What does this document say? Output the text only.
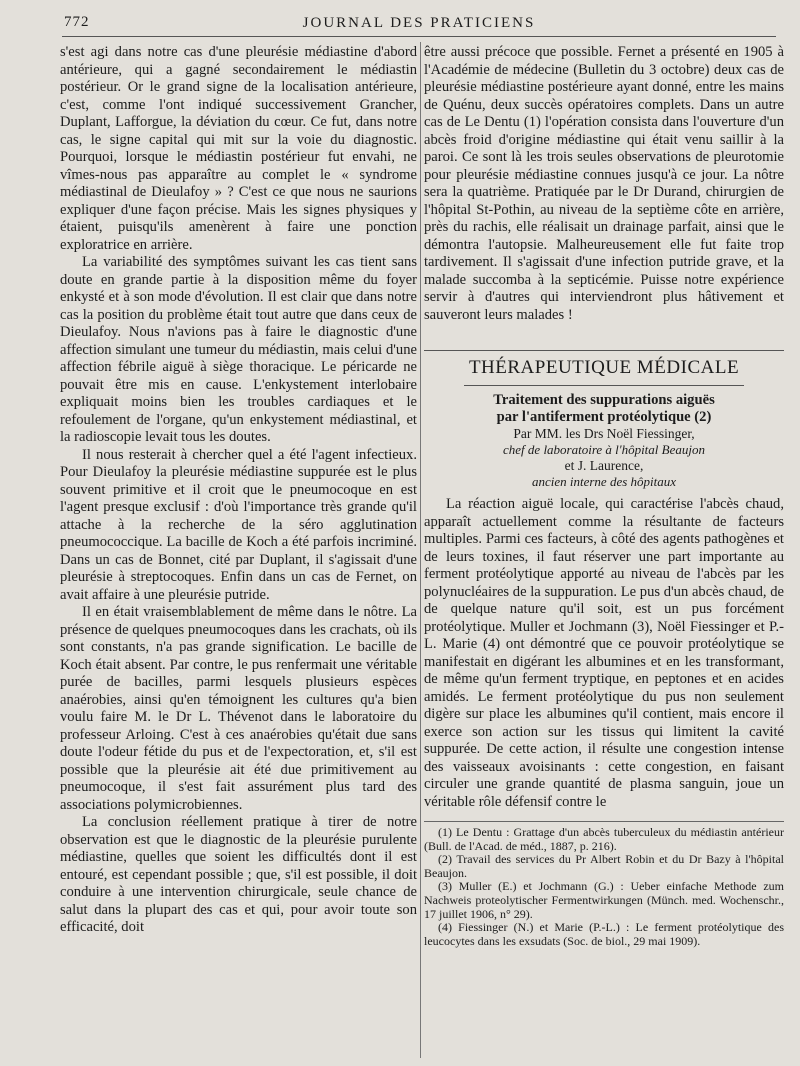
772	JOURNAL DES PRATICIENS

s'est agi dans notre cas d'une pleurésie médiastine d'abord antérieure, qui a gagné secondairement le médiastin postérieur. Or le grand signe de la localisation antérieure, c'est, comme l'ont indiqué successivement Grancher, Duplant, Lafforgue, la déviation du cœur. Ce fut, dans notre cas, le signe capital qui mit sur la voie du diagnostic. Pourquoi, lorsque le médiastin postérieur fut envahi, ne vîmes-nous pas apparaître au complet le « syndrome médiastinal de Dieulafoy » ? C'est ce que nous ne saurions expliquer d'une façon précise. Mais les signes physiques y étaient, puisqu'ils amenèrent à faire une ponction exploratrice en arrière.

La variabilité des symptômes suivant les cas tient sans doute en grande partie à la disposition même du foyer enkysté et à son mode d'évolution. Il est clair que dans notre cas la position du problème était tout autre que dans ceux de Dieulafoy. Nous n'avions pas à faire le diagnostic d'une affection simulant une tumeur du médiastin, mais celui d'une affection fébrile aiguë à siège thoracique. Le péricarde ne pouvait être mis en cause. L'enkystement interlobaire expliquait moins bien les troubles cardiaques et le refoulement de l'organe, qu'un enkystement médiastinal, et la radioscopie levait tous les doutes.

Il nous resterait à chercher quel a été l'agent infectieux. Pour Dieulafoy la pleurésie médiastine suppurée est le plus souvent primitive et il croit que le pneumocoque en est l'agent presque exclusif : d'où l'importance très grande qu'il attache à la recherche de la séro agglutination pneumococcique. La bacille de Koch a été parfois incriminé. Dans un cas de Bonnet, cité par Duplant, il s'agissait d'une pleurésie à streptocoques. Enfin dans un cas de Fernet, on avait affaire à une pleurésie putride.

Il en était vraisemblablement de même dans le nôtre. La présence de quelques pneumocoques dans les crachats, où ils sont constants, n'a pas grande signification. Le bacille de Koch était absent. Par contre, le pus renfermait une véritable purée de bacilles, parmi lesquels plusieurs espèces anaérobies, ainsi qu'en témoignent les cultures qu'a bien voulu faire M. le Dr L. Thévenot dans le laboratoire du professeur Arloing. C'est à ces anaérobies qu'était due sans doute l'odeur fétide du pus et de l'expectoration, et, s'il est possible que la pleurésie ait été due primitivement au pneumocoque, il s'est fait assurément plus tard des associations polymicrobiennes.

La conclusion réellement pratique à tirer de notre observation est que le diagnostic de la pleurésie purulente médiastine, quelles que soient les difficultés dont il est entouré, est cependant possible ; que, s'il est possible, il doit conduire à une intervention chirurgicale, seule chance de salut dans la plupart des cas et qui, pour avoir toute son efficacité, doit

être aussi précoce que possible. Fernet a présenté en 1905 à l'Académie de médecine (Bulletin du 3 octobre) deux cas de pleurésie médiastine postérieure ayant donné, entre les mains de Quénu, deux succès opératoires complets. Dans un autre cas de Le Dentu (1) l'opération consista dans l'ouverture d'un abcès froid d'origine médiastine qui était venu saillir à la paroi. Ce sont là les trois seules observations de pleurotomie pour pleurésie médiastine connues jusqu'à ce jour. La nôtre sera la quatrième. Pratiquée par le Dr Durand, chirurgien de l'hôpital St-Pothin, au niveau de la septième côte en arrière, près du rachis, elle réalisait un drainage parfait, ainsi que le démontra l'autopsie. Malheureusement elle fut faite trop tardivement. Il s'agissait d'une infection putride grave, et la malade succomba à la septicémie. Puisse notre expérience servir à d'autres qui interviendront plus hâtivement et sauveront leurs malades !

THÉRAPEUTIQUE MÉDICALE

Traitement des suppurations aiguës

par l'antiferment protéolytique (2)

Par MM. les Drs Noël Fiessinger,

chef de laboratoire à l'hôpital Beaujon

et J. Laurence,

ancien interne des hôpitaux

La réaction aiguë locale, qui caractérise l'abcès chaud, apparaît actuellement comme la résultante de facteurs multiples. Parmi ces facteurs, à côté des agents pathogènes et de leurs toxines, il faut réserver une part importante au ferment protéolytique apporté au niveau de l'abcès par les polynucléaires de la suppuration. Le pus d'un abcès chaud, de de quelque nature qu'il soit, est un pus forcément protéolytique. Muller et Jochmann (3), Noël Fiessinger et P.-L. Marie (4) ont démontré que ce pouvoir protéolytique se manifestait en digérant les albumines et en les transformant, de même qu'un ferment tryptique, en peptones et en acides amidés. Le ferment protéolytique du pus non seulement digère sur place les albumines qu'il contient, mais encore il exerce son action sur les tissus qui limitent la cavité suppurée. De cette action, il résulte une congestion intense des vaisseaux avoisinants : cette congestion, en faisant circuler une grande quantité de plasma sanguin, joue un véritable rôle défensif contre le

(1) Le Dentu : Grattage d'un abcès tuberculeux du médiastin antérieur (Bull. de l'Acad. de méd., 1887, p. 216).

(2) Travail des services du Pr Albert Robin et du Dr Bazy à l'hôpital Beaujon.

(3) Muller (E.) et Jochmann (G.) : Ueber einfache Methode zum Nachweis proteolytischer Fermentwirkungen (Münch. med. Wochenschr., 17 juillet 1906, n° 29).

(4) Fiessinger (N.) et Marie (P.-L.) : Le ferment protéolytique des leucocytes dans les exsudats (Soc. de biol., 29 mai 1909).
